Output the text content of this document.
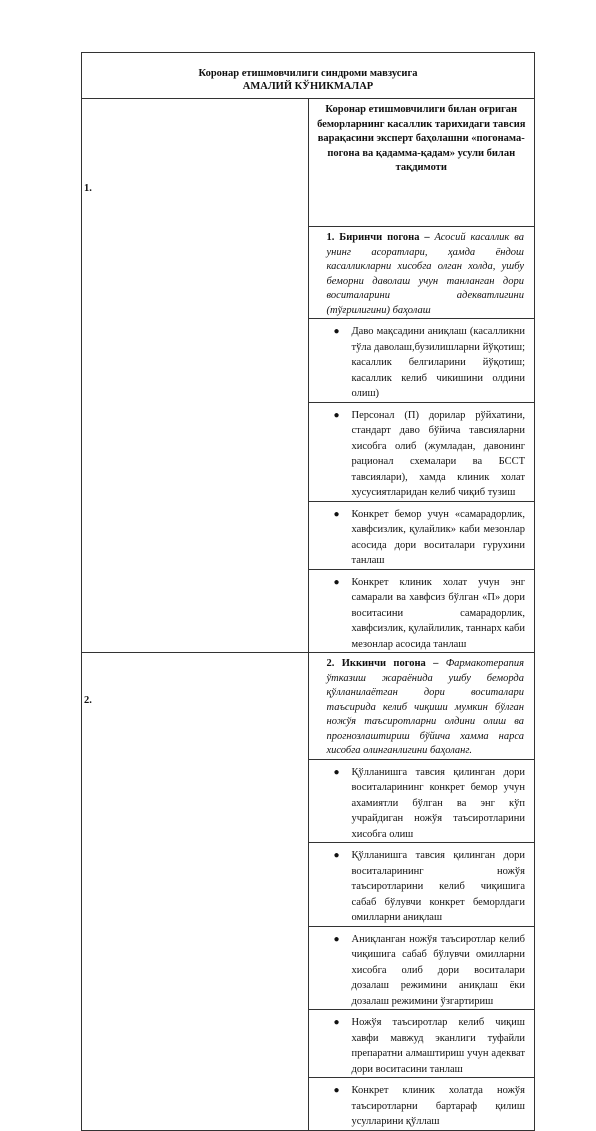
Коронар етишмовчилиги синдроми мавзусига
АМАЛИЙ КЎНИКМАЛАР	

1.	Коронар етишмовчилиги билан оғриган беморларнинг касаллик тарихидаги тавсия варақасини эксперт баҳолашни «погонама- погона ва қадамма-қадам» усули билан тақдимоти
	1. Биринчи погона – Асосий касаллик ва унинг асоратлари, ҳамда ёндош касалликларни хисобга олган холда, ушбу беморни даволаш учун танланган дори воситаларини адекватлигини (тўғрилигини) баҳолаш

	● Даво мақсадини аниқлаш (касалликни тўла даволаш,бузилишларни йўқотиш; касаллик белгиларини йўқотиш; касаллик келиб чикишини олдини олиш)

	● Персонал (П) дорилар рўйхатини, стандарт даво бўйича тавсияларни хисобга олиб (жумладан, давонинг рационал схемалари ва БССТ тавсиялари), хамда клиник холат хусусиятларидан келиб чиқиб тузиш

	● Конкрет бемор учун «самарадорлик, хавфсизлик, қулайлик» каби мезонлар асосида дори воситалари гурухини танлаш

	● Конкрет клиник холат учун энг самарали ва хавфсиз бўлган «П» дори воситасини самарадорлик, хавфсизлик, қулайлилик, таннарх каби мезонлар асосида танлаш

2.	2. Иккинчи погона – Фармакотерапия ўтказиш жараёнида ушбу беморда қўлланилаётган дори воситалари таъсирида келиб чиқиши мумкин бўлган ножўя таъсиротларни олдини олиш ва прогнозлаштириш бўйича хамма нарса хисобга олинганлигини баҳоланг.

	● Қўлланишга тавсия қилинган дори воситаларининг конкрет бемор учун ахамиятли бўлган ва энг кўп учрайдиган ножўя таъсиротларини хисобга олиш

	● Қўлланишга тавсия қилинган дори воситаларининг ножўя таъсиротларини келиб чиқишига сабаб бўлувчи конкрет беморлдаги омилларни аниқлаш

	● Аниқланган ножўя таъсиротлар келиб чиқишига сабаб бўлувчи омилларни хисобга олиб дори воситалари дозалаш режимини аниқлаш ёки дозалаш режимини ўзгартириш

	● Ножўя таъсиротлар келиб чиқиш хавфи мавжуд эканлиги туфайли препаратни алмаштириш учун адекват дори воситасини танлаш

	● Конкрет клиник холатда ножўя таъсиротларни бартараф қилиш усулларини қўллаш
